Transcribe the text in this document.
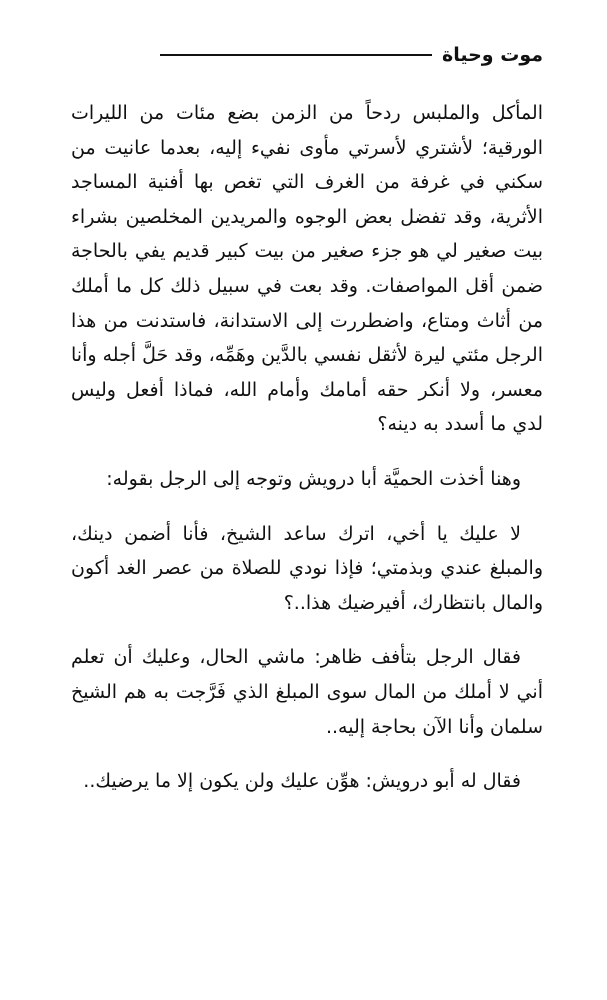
موت وحياة

المأكل والملبس ردحاً من الزمن بضع مئات من الليرات الورقية؛ لأشتري لأسرتي مأوى نفيء إليه، بعدما عانيت من سكني في غرفة من الغرف التي تغص بها أفنية المساجد الأثرية، وقد تفضل بعض الوجوه والمريدين المخلصين بشراء بيت صغير لي هو جزء صغير من بيت كبير قديم يفي بالحاجة ضمن أقل المواصفات. وقد بعت في سبيل ذلك كل ما أملك من أثاث ومتاع، واضطررت إلى الاستدانة، فاستدنت من هذا الرجل مئتي ليرة لأثقل نفسي بالدَّين وهَمِّه، وقد حَلَّ أجله وأنا معسر، ولا أنكر حقه أمامك وأمام الله، فماذا أفعل وليس لدي ما أسدد به دينه؟

وهنا أخذت الحميَّة أبا درويش وتوجه إلى الرجل بقوله:

لا عليك يا أخي، اترك ساعد الشيخ، فأنا أضمن دينك، والمبلغ عندي وبذمتي؛ فإذا نودي للصلاة من عصر الغد أكون والمال بانتظارك، أفيرضيك هذا..؟

فقال الرجل بتأفف ظاهر: ماشي الحال، وعليك أن تعلم أني لا أملك من المال سوى المبلغ الذي فَرَّجت به هم الشيخ سلمان وأنا الآن بحاجة إليه..

فقال له أبو درويش: هوِّن عليك ولن يكون إلا ما يرضيك..
